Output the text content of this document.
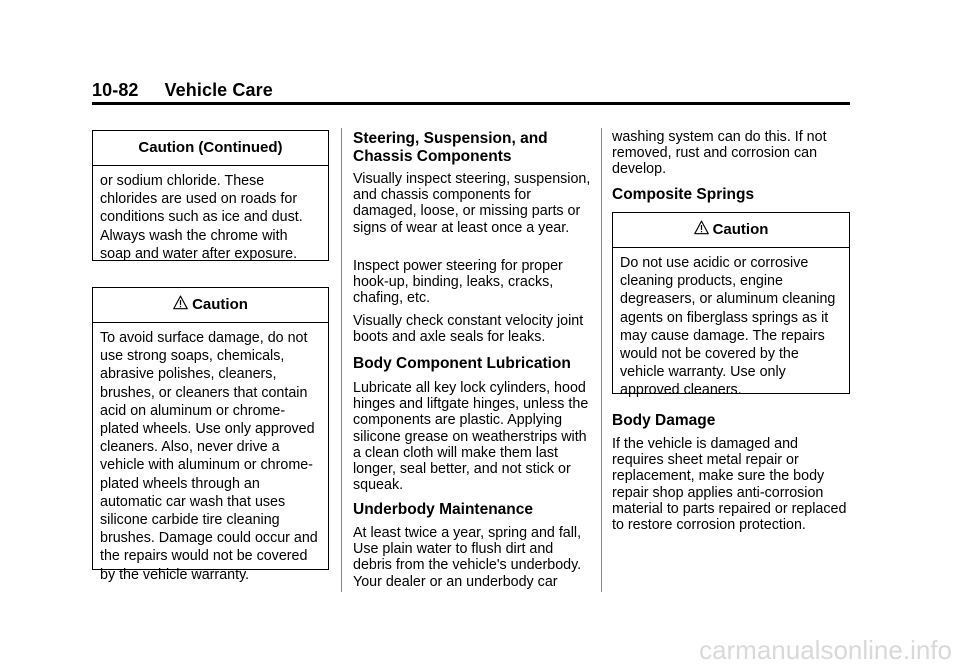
10-82 Vehicle Care
Caution (Continued)
or sodium chloride. These chlorides are used on roads for conditions such as ice and dust. Always wash the chrome with soap and water after exposure.
Caution
To avoid surface damage, do not use strong soaps, chemicals, abrasive polishes, cleaners, brushes, or cleaners that contain acid on aluminum or chrome-plated wheels. Use only approved cleaners. Also, never drive a vehicle with aluminum or chrome-plated wheels through an automatic car wash that uses silicone carbide tire cleaning brushes. Damage could occur and the repairs would not be covered by the vehicle warranty.
Steering, Suspension, and Chassis Components

Visually inspect steering, suspension, and chassis components for damaged, loose, or missing parts or signs of wear at least once a year.

Inspect power steering for proper hook-up, binding, leaks, cracks, chafing, etc.

Visually check constant velocity joint boots and axle seals for leaks.

Body Component Lubrication

Lubricate all key lock cylinders, hood hinges and liftgate hinges, unless the components are plastic. Applying silicone grease on weatherstrips with a clean cloth will make them last longer, seal better, and not stick or squeak.

Underbody Maintenance

At least twice a year, spring and fall, Use plain water to flush dirt and debris from the vehicle's underbody. Your dealer or an underbody car

washing system can do this. If not removed, rust and corrosion can develop.

Composite Springs
Caution
Do not use acidic or corrosive cleaning products, engine degreasers, or aluminum cleaning agents on fiberglass springs as it may cause damage. The repairs would not be covered by the vehicle warranty. Use only approved cleaners.
Body Damage

If the vehicle is damaged and requires sheet metal repair or replacement, make sure the body repair shop applies anti-corrosion material to parts repaired or replaced to restore corrosion protection.

carmanualsonline.info
